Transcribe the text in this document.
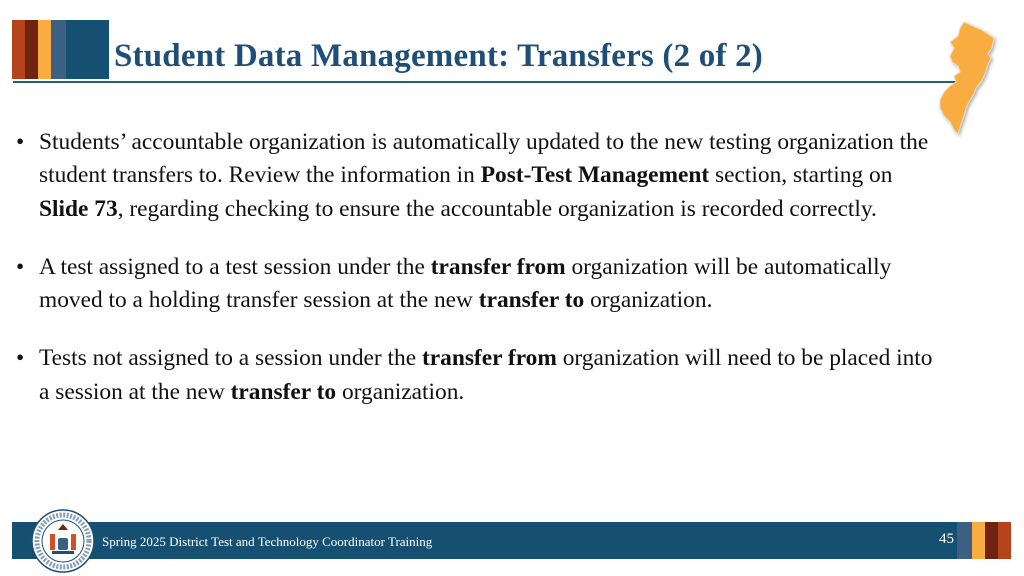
Student Data Management: Transfers (2 of 2)
• Students’ accountable organization is automatically updated to the new testing organization the student transfers to. Review the information in Post-Test Management section, starting on Slide 73, regarding checking to ensure the accountable organization is recorded correctly.
• A test assigned to a test session under the transfer from organization will be automatically moved to a holding transfer session at the new transfer to organization.
• Tests not assigned to a session under the transfer from organization will need to be placed into a session at the new transfer to organization.
Spring 2025 District Test and Technology Coordinator Training	45
